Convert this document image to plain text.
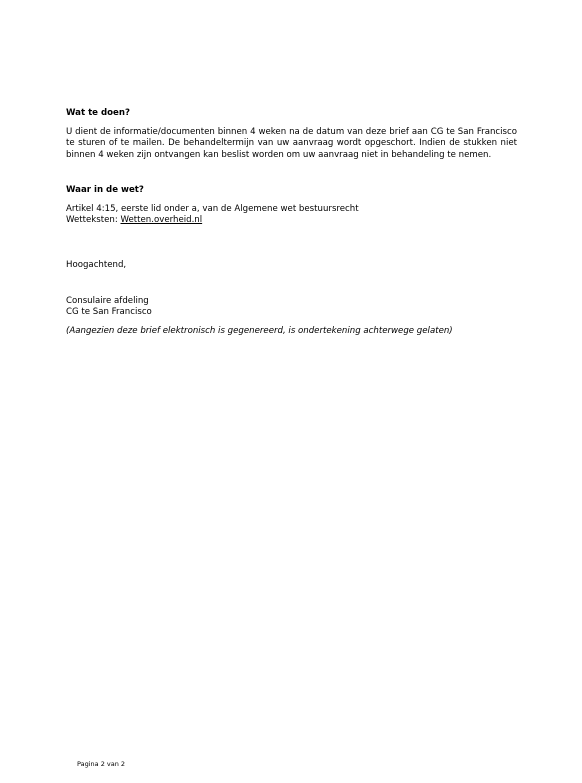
Wat te doen?

U dient de informatie/documenten binnen 4 weken na de datum van deze brief aan CG te San Francisco te sturen of te mailen. De behandeltermijn van uw aanvraag wordt opgeschort. Indien de stukken niet binnen 4 weken zijn ontvangen kan beslist worden om uw aanvraag niet in behandeling te nemen.

Waar in de wet?

Artikel 4:15, eerste lid onder a, van de Algemene wet bestuursrecht
Wetteksten: Wetten.overheid.nl
Hoogachtend,
Consulaire afdeling
CG te San Francisco
(Aangezien deze brief elektronisch is gegenereerd, is ondertekening achterwege gelaten)
Pagina 2 van 2
